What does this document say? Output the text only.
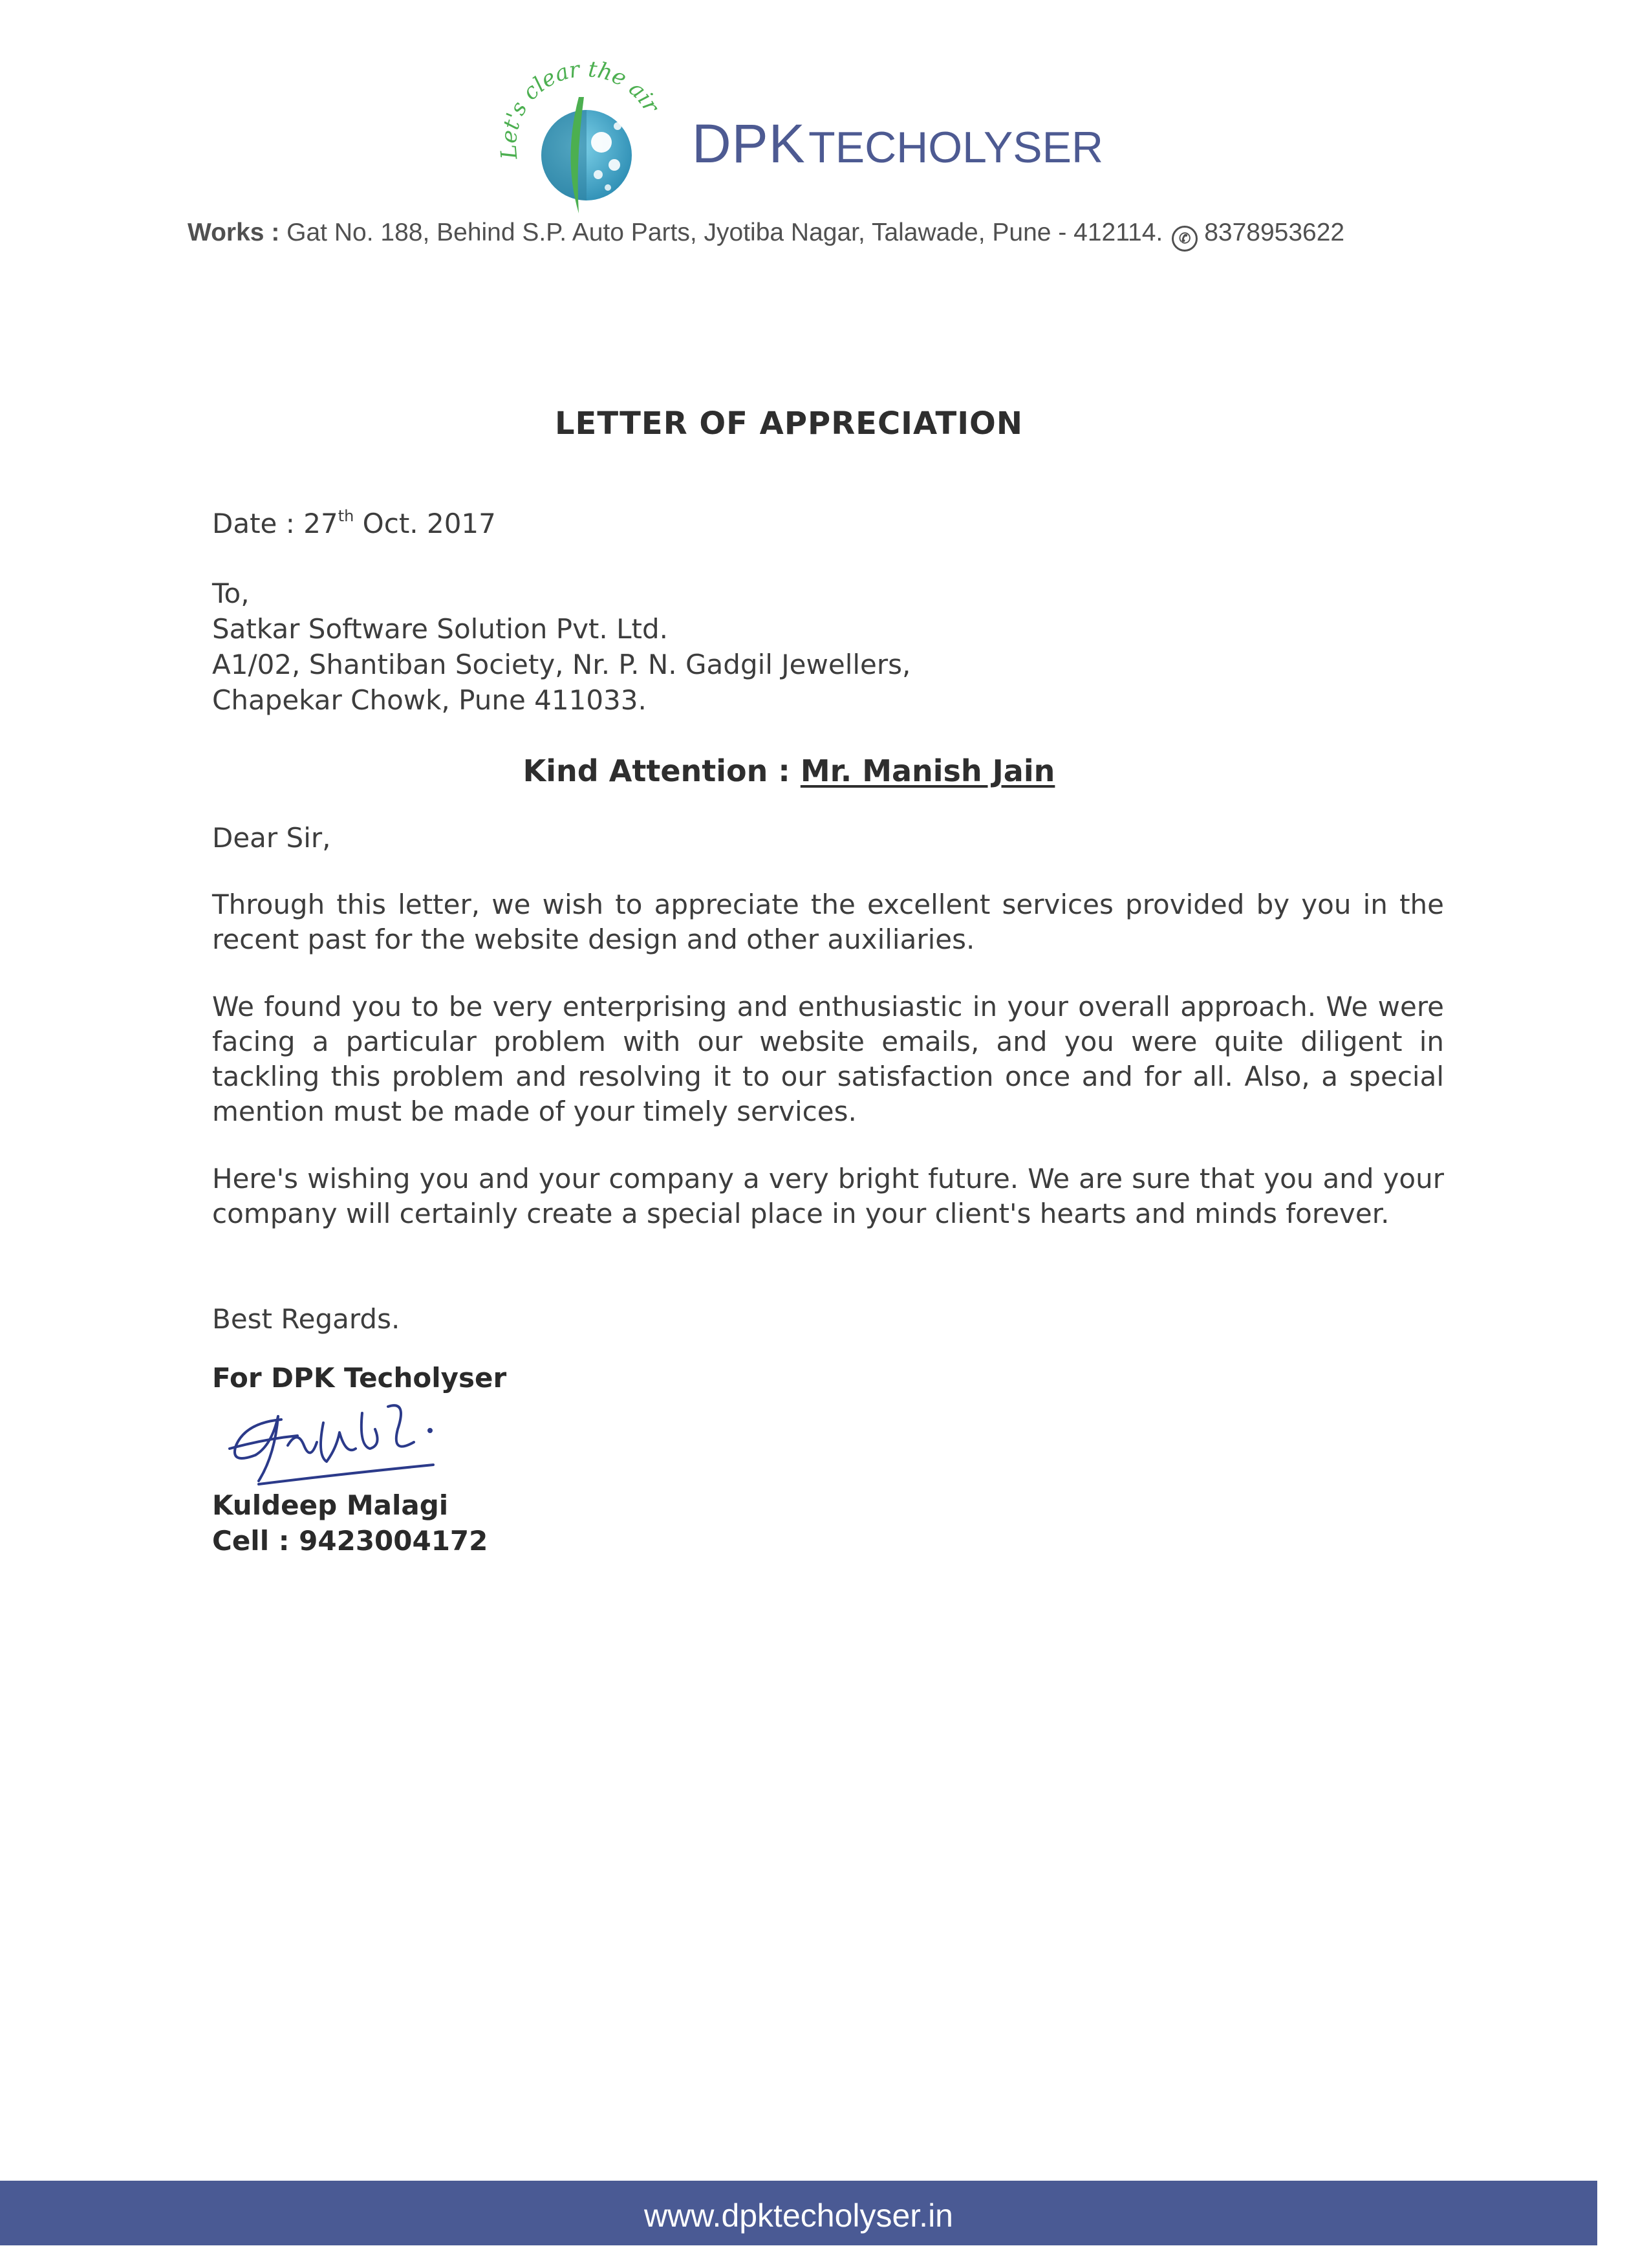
Let's clear the air
DPK TECHOLYSER
Works : Gat No. 188, Behind S.P. Auto Parts, Jyotiba Nagar, Talawade, Pune - 412114. ✆ 8378953622
LETTER OF APPRECIATION
Date : 27th Oct. 2017
To,
Satkar Software Solution Pvt. Ltd.
A1/02, Shantiban Society, Nr. P. N. Gadgil Jewellers,
Chapekar Chowk, Pune 411033.
Kind Attention : Mr. Manish Jain
Dear Sir,
Through this letter, we wish to appreciate the excellent services provided by you in the recent past for the website design and other auxiliaries.
We found you to be very enterprising and enthusiastic in your overall approach. We were facing a particular problem with our website emails, and you were quite diligent in tackling this problem and resolving it to our satisfaction once and for all. Also, a special mention must be made of your timely services.
Here's wishing you and your company a very bright future. We are sure that you and your company will certainly create a special place in your client's hearts and minds forever.
Best Regards.
For DPK Techolyser
Kuldeep Malagi
Cell : 9423004172
www.dpktecholyser.in
